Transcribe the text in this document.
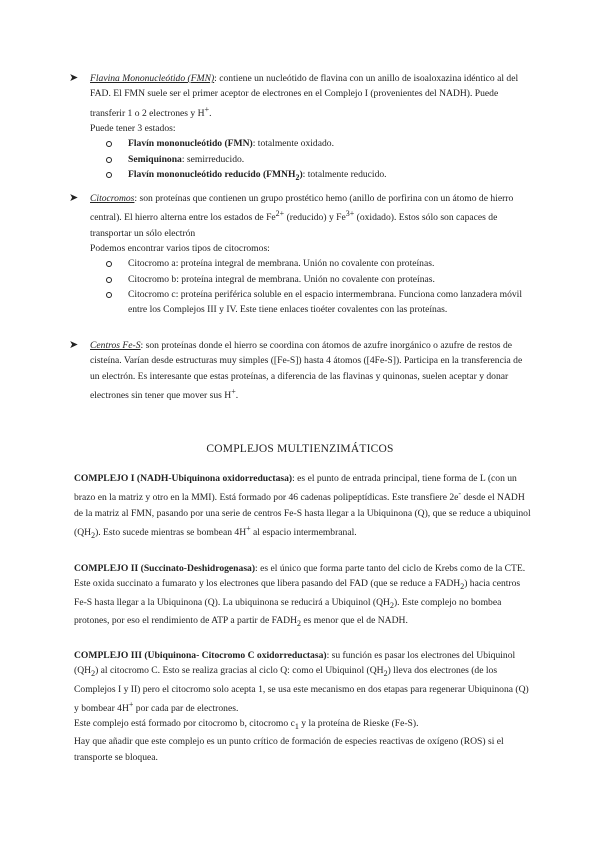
➤ Flavina Mononucleótido (FMN): contiene un nucleótido de flavina con un anillo de isoaloxazina idéntico al del FAD. El FMN suele ser el primer aceptor de electrones en el Complejo I (provenientes del NADH). Puede transferir 1 o 2 electrones y H+.
Puede tener 3 estados:
Flavín mononucleótido (FMN): totalmente oxidado.
Semiquinona: semirreducido.
Flavín mononucleótido reducido $(FMNH_2)$: totalmente reducido.
➤ Citocromos: son proteínas que contienen un grupo prostético hemo (anillo de porfirina con un átomo de hierro central). El hierro alterna entre los estados de $Fe^{2+}$ (reducido) y $Fe^{3+}$ (oxidado). Estos sólo son capaces de transportar un sólo electrón
Podemos encontrar varios tipos de citocromos:
Citocromo a: proteína integral de membrana. Unión no covalente con proteínas.
Citocromo b: proteína integral de membrana. Unión no covalente con proteínas.
Citocromo c: proteína periférica soluble en el espacio intermembrana. Funciona como lanzadera móvil entre los Complejos III y IV. Este tiene enlaces tioéter covalentes con las proteínas.
➤ Centros Fe-S: son proteínas donde el hierro se coordina con átomos de azufre inorgánico o azufre de restos de cisteína. Varían desde estructuras muy simples ([Fe-S]) hasta 4 átomos ([4Fe-S]). Participa en la transferencia de un electrón. Es interesante que estas proteínas, a diferencia de las flavinas y quinonas, suelen aceptar y donar electrones sin tener que mover sus H+.
COMPLEJOS MULTIENZIMÁTICOS
COMPLEJO I (NADH-Ubiquinona oxidorreductasa): es el punto de entrada principal, tiene forma de L (con un brazo en la matriz y otro en la MMI). Está formado por 46 cadenas polipeptídicas. Este transfiere 2e- desde el NADH de la matriz al FMN, pasando por una serie de centros Fe-S hasta llegar a la Ubiquinona (Q), que se reduce a ubiquinol $(QH_2)$. Esto sucede mientras se bombean 4H+ al espacio intermembranal.
COMPLEJO II (Succinato-Deshidrogenasa): es el único que forma parte tanto del ciclo de Krebs como de la CTE. Este oxida succinato a fumarato y los electrones que libera pasando del FAD (que se reduce a $FADH_2$) hacia centros Fe-S hasta llegar a la Ubiquinona (Q). La ubiquinona se reducirá a Ubiquinol $(QH_2)$. Este complejo no bombea protones, por eso el rendimiento de ATP a partir de $FADH_2$ es menor que el de NADH.
COMPLEJO III (Ubiquinona- Citocromo C oxidorreductasa): su función es pasar los electrones del Ubiquinol $(QH_2)$ al citocromo C. Esto se realiza gracias al ciclo Q: como el Ubiquinol $(QH_2)$ lleva dos electrones (de los Complejos I y II) pero el citocromo solo acepta 1, se usa este mecanismo en dos etapas para regenerar Ubiquinona (Q) y bombear 4H+ por cada par de electrones.
Este complejo está formado por citocromo b, citocromo $c_1$ y la proteína de Rieske (Fe-S).
Hay que añadir que este complejo es un punto crítico de formación de especies reactivas de oxígeno (ROS) si el transporte se bloquea.
